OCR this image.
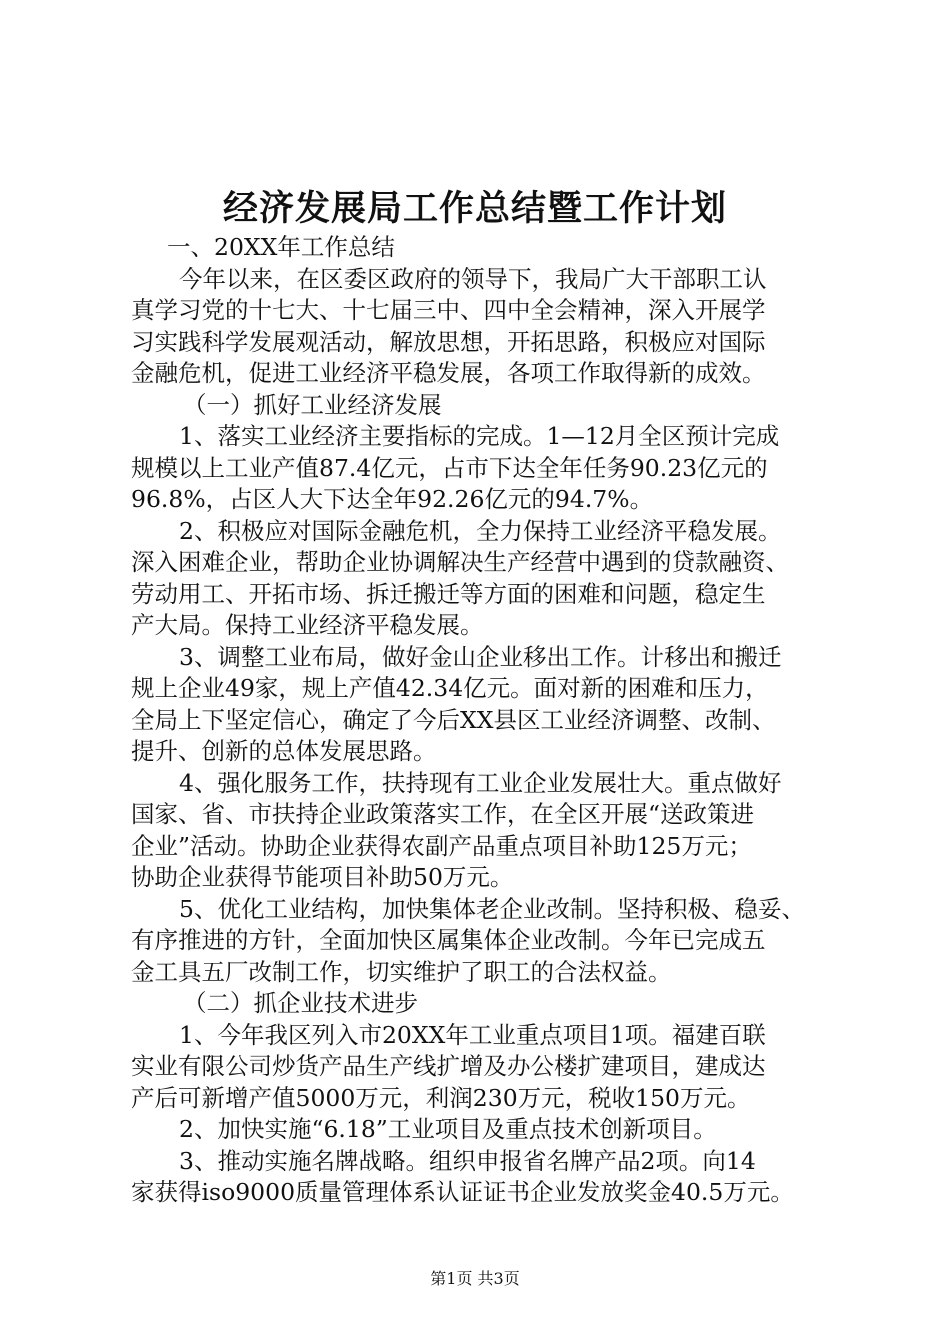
经济发展局工作总结暨工作计划
一、20XX年工作总结
今年以来，在区委区政府的领导下，我局广大干部职工认
真学习党的十七大、十七届三中、四中全会精神，深入开展学
习实践科学发展观活动，解放思想，开拓思路，积极应对国际
金融危机，促进工业经济平稳发展，各项工作取得新的成效。
（一）抓好工业经济发展
1、落实工业经济主要指标的完成。1—12月全区预计完成
规模以上工业产值87.4亿元，占市下达全年任务90.23亿元的
96.8%，占区人大下达全年92.26亿元的94.7%。
2、积极应对国际金融危机，全力保持工业经济平稳发展。
深入困难企业，帮助企业协调解决生产经营中遇到的贷款融资、
劳动用工、开拓市场、拆迁搬迁等方面的困难和问题，稳定生
产大局。保持工业经济平稳发展。
3、调整工业布局，做好金山企业移出工作。计移出和搬迁
规上企业49家，规上产值42.34亿元。面对新的困难和压力，
全局上下坚定信心，确定了今后XX县区工业经济调整、改制、
提升、创新的总体发展思路。
4、强化服务工作，扶持现有工业企业发展壮大。重点做好
国家、省、市扶持企业政策落实工作，在全区开展“送政策进
企业”活动。协助企业获得农副产品重点项目补助125万元；
协助企业获得节能项目补助50万元。
5、优化工业结构，加快集体老企业改制。坚持积极、稳妥、
有序推进的方针，全面加快区属集体企业改制。今年已完成五
金工具五厂改制工作，切实维护了职工的合法权益。
（二）抓企业技术进步
1、今年我区列入市20XX年工业重点项目1项。福建百联
实业有限公司炒货产品生产线扩增及办公楼扩建项目，建成达
产后可新增产值5000万元，利润230万元，税收150万元。
2、加快实施“6.18”工业项目及重点技术创新项目。
3、推动实施名牌战略。组织申报省名牌产品2项。向14
家获得iso9000质量管理体系认证证书企业发放奖金40.5万元。
第1页 共3页
